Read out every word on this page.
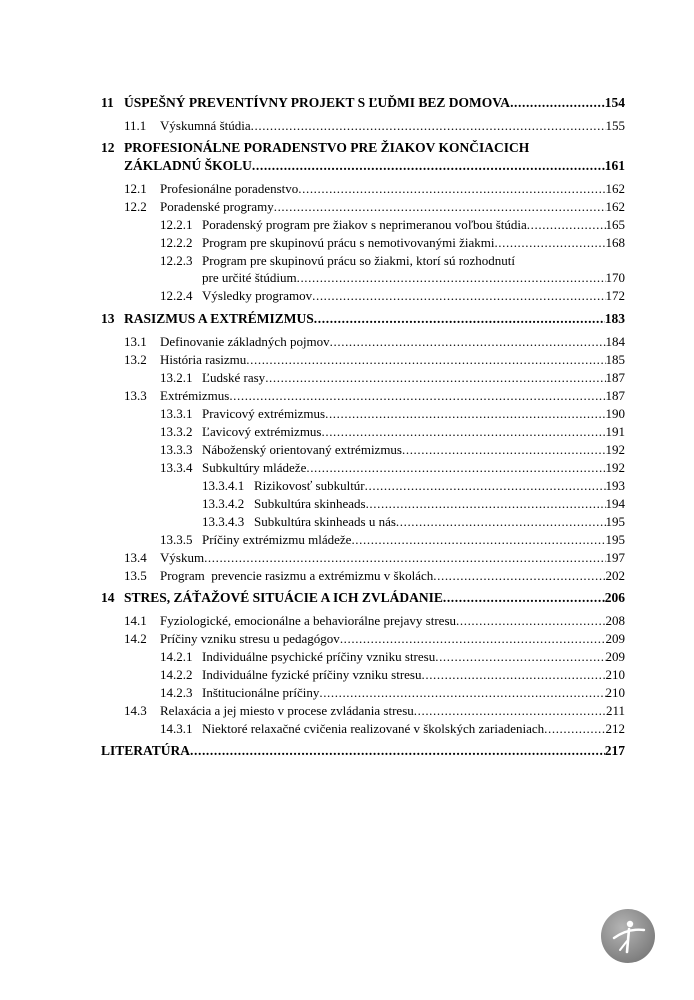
11 ÚSPEŠNÝ PREVENTÍVNY PROJEKT S ĽUĎMI BEZ DOMOVA .....	154
11.1 Výskumná štúdia .....	155
12 PROFESIONÁLNE PORADENSTVO PRE ŽIAKOV KONČIACICH
ZÁKLADNÚ ŠKOLU .....	161
12.1 Profesionálne poradenstvo .....	162
12.2 Poradenské programy .....	162
12.2.1 Poradenský program pre žiakov s neprimeranou voľbou štúdia .....	165
12.2.2 Program pre skupinovú prácu s nemotivovanými žiakmi .....	168
12.2.3 Program pre skupinovú prácu so žiakmi, ktorí sú rozhodnutí
pre určité štúdium .....	170
12.2.4 Výsledky programov .....	172
13 RASIZMUS A EXTRÉMIZMUS .....	183
13.1 Definovanie základných pojmov .....	184
13.2 História rasizmu .....	185
13.2.1 Ľudské rasy .....	187
13.3 Extrémizmus .....	187
13.3.1 Pravicový extrémizmus .....	190
13.3.2 Ľavicový extrémizmus .....	191
13.3.3 Náboženský orientovaný extrémizmus .....	192
13.3.4 Subkultúry mládeže .....	192
13.3.4.1 Rizikovosť subkultúr .....	193
13.3.4.2 Subkultúra skinheads .....	194
13.3.4.3 Subkultúra skinheads u nás .....	195
13.3.5 Príčiny extrémizmu mládeže .....	195
13.4 Výskum .....	197
13.5 Program  prevencie rasizmu a extrémizmu v školách .....	202
14 STRES, ZÁŤAŽOVÉ SITUÁCIE A ICH ZVLÁDANIE .....	206
14.1 Fyziologické, emocionálne a behaviorálne prejavy stresu .....	208
14.2 Príčiny vzniku stresu u pedagógov .....	209
14.2.1 Individuálne psychické príčiny vzniku stresu .....	209
14.2.2 Individuálne fyzické príčiny vzniku stresu .....	210
14.2.3 Inštitucionálne príčiny .....	210
14.3 Relaxácia a jej miesto v procese zvládania stresu .....	211
14.3.1 Niektoré relaxačné cvičenia realizované v školských zariadeniach .....	212
LITERATÚRA .....	217
